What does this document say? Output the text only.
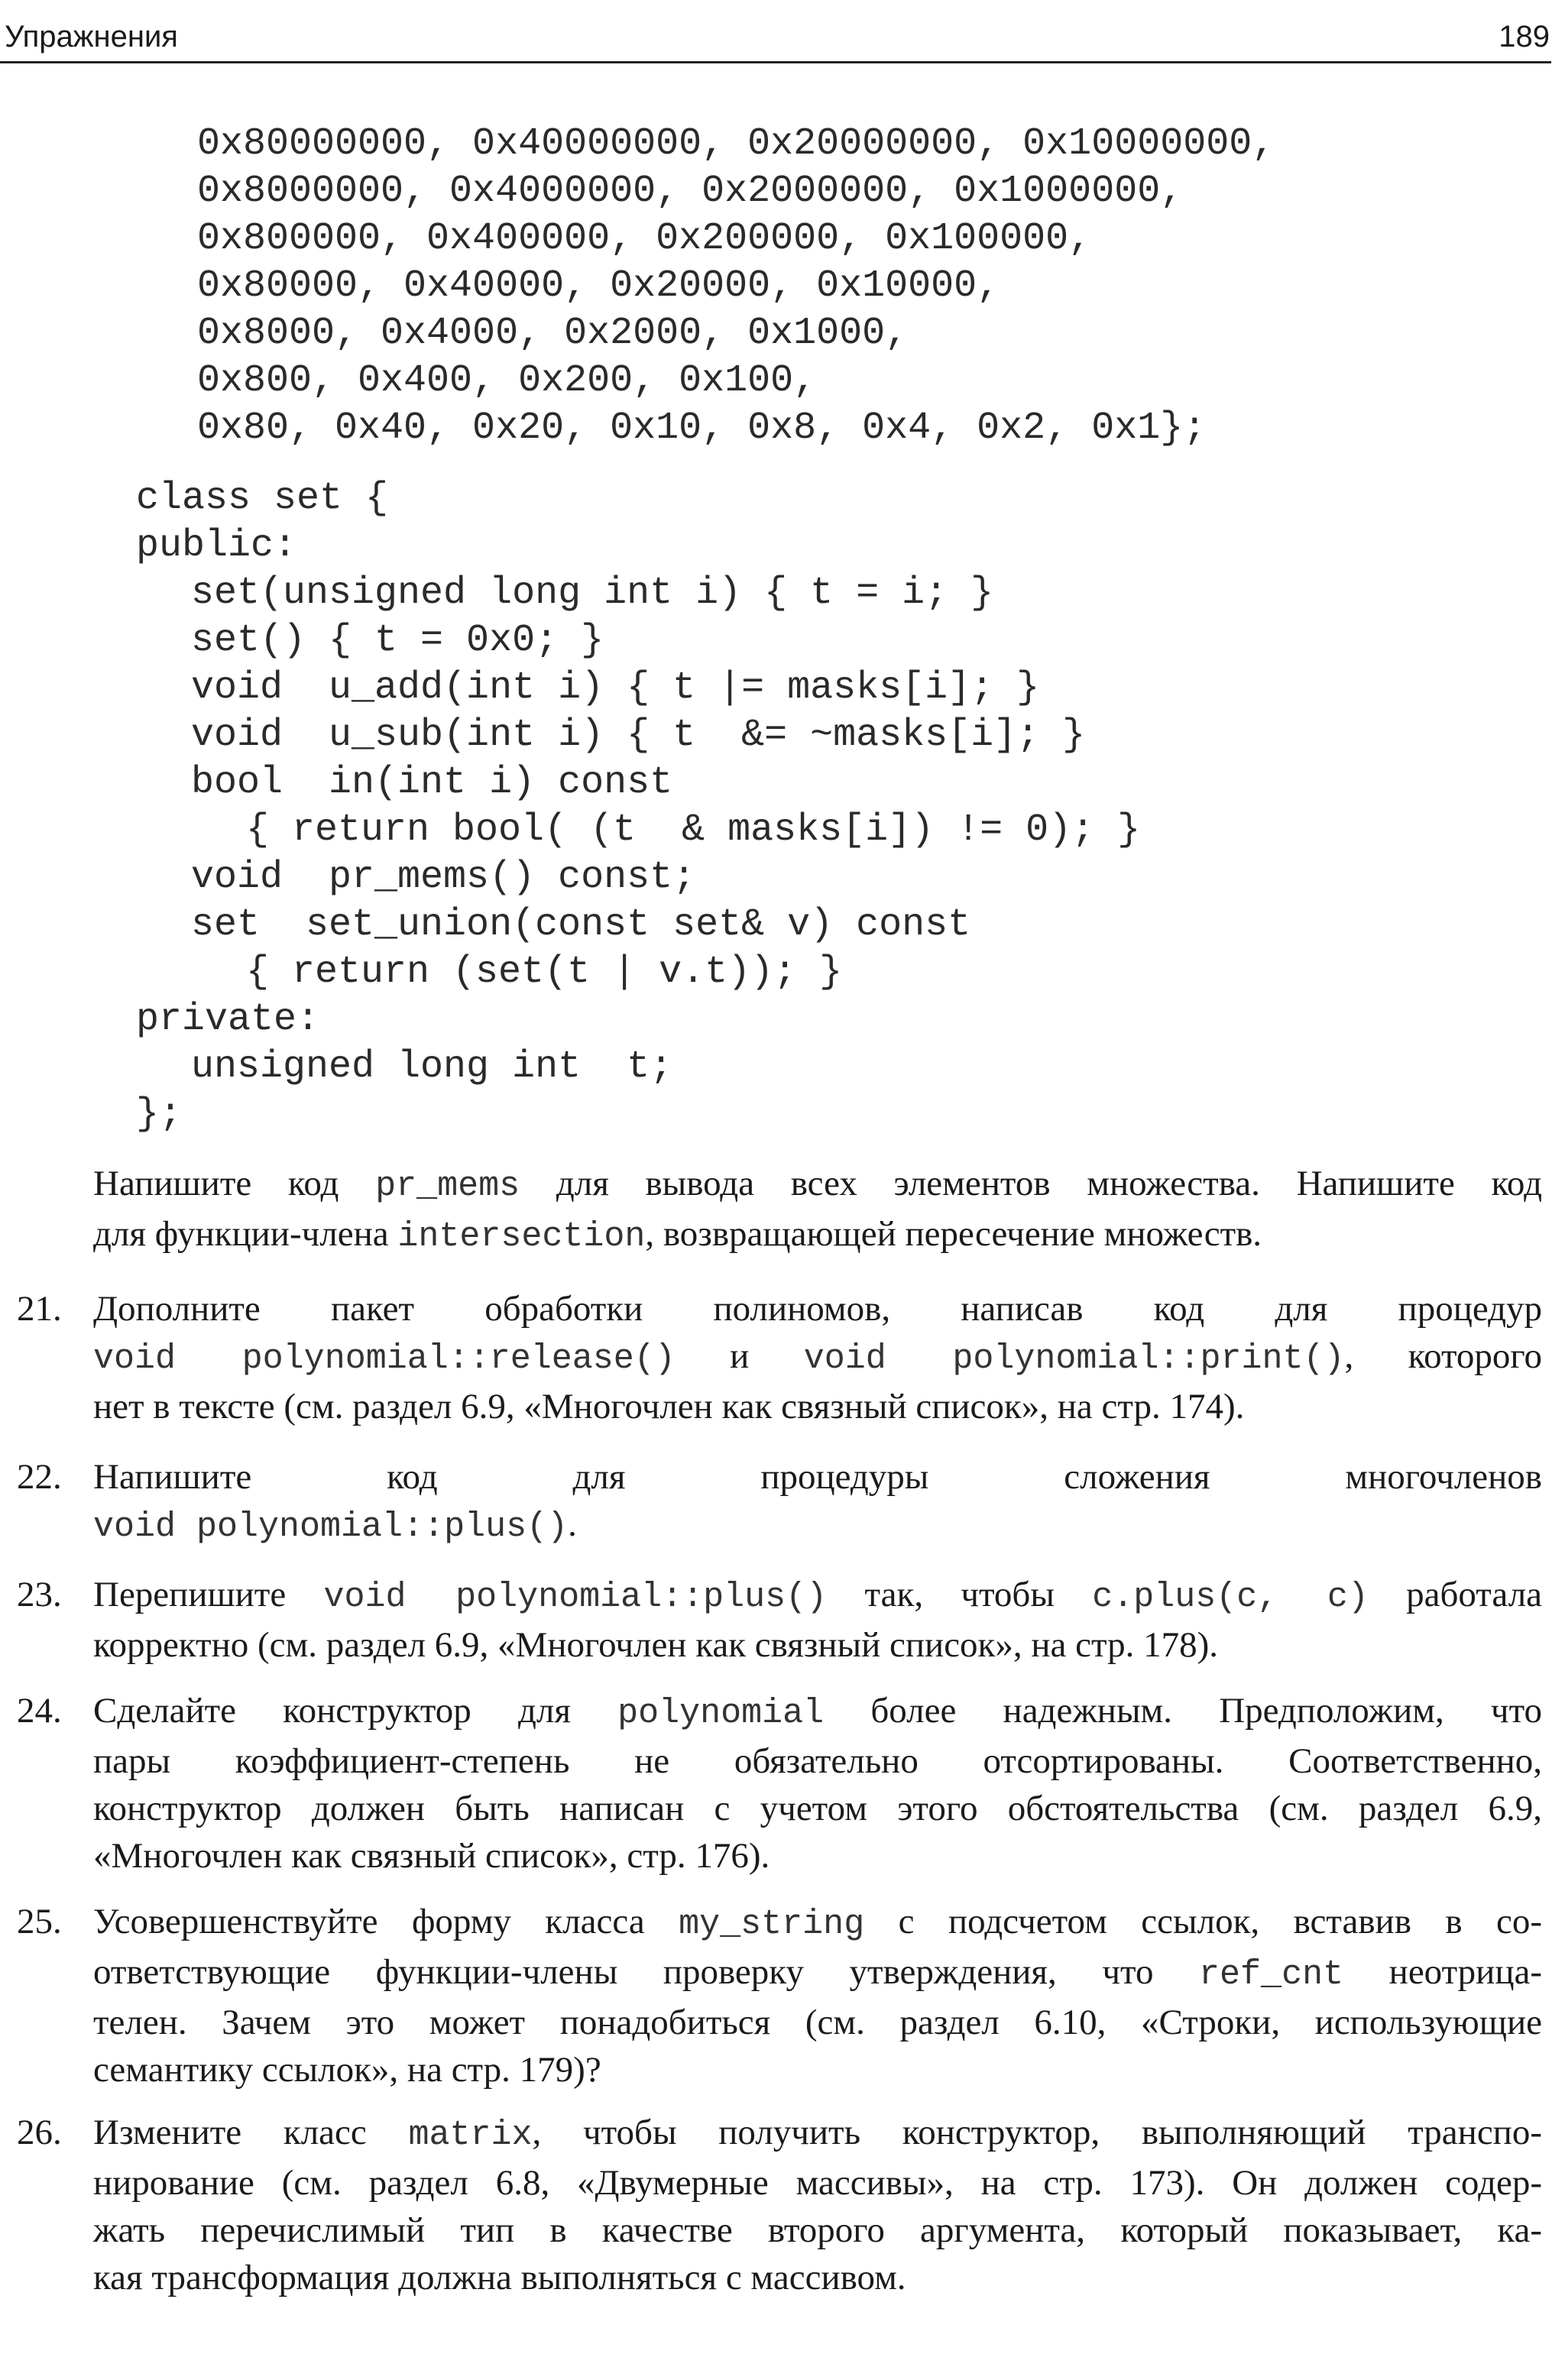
Упражнения	189

0x80000000, 0x40000000, 0x20000000, 0x10000000,

0x8000000, 0x4000000, 0x2000000, 0x1000000,

0x800000, 0x400000, 0x200000, 0x100000,

0x80000, 0x40000, 0x20000, 0x10000,

0x8000, 0x4000, 0x2000, 0x1000,

0x800, 0x400, 0x200, 0x100,

0x80, 0x40, 0x20, 0x10, 0x8, 0x4, 0x2, 0x1};

class set {

public:

set(unsigned long int i) { t = i; }

set() { t = 0x0; }

void  u_add(int i) { t |= masks[i]; }

void  u_sub(int i) { t  &= ~masks[i]; }

bool  in(int i) const

{ return bool( (t  & masks[i]) != 0); }

void  pr_mems() const;

set  set_union(const set& v) const

{ return (set(t | v.t)); }

private:

unsigned long int  t;

};

Напишите код pr_mems для вывода всех элементов множества. Напишите код
для функции-члена intersection, возвращающей пересечение множеств.
21. Дополните пакет обработки полиномов, написав код для процедур
void polynomial::release() и void polynomial::print(), которого
нет в тексте (см. раздел 6.9, «Многочлен как связный список», на стр. 174).
22. Напишите код для процедуры сложения многочленов
void polynomial::plus().
23. Перепишите void polynomial::plus() так, чтобы c.plus(c, c) работала
корректно (см. раздел 6.9, «Многочлен как связный список», на стр. 178).
24. Сделайте конструктор для polynomial более надежным. Предположим, что
пары коэффициент-степень не обязательно отсортированы. Соответственно,
конструктор должен быть написан с учетом этого обстоятельства (см. раздел 6.9,
«Многочлен как связный список», стр. 176).
25. Усовершенствуйте форму класса my_string с подсчетом ссылок, вставив в со-
ответствующие функции-члены проверку утверждения, что ref_cnt неотрица-
телен. Зачем это может понадобиться (см. раздел 6.10, «Строки, использующие
семантику ссылок», на стр. 179)?
26. Измените класс matrix, чтобы получить конструктор, выполняющий транспо-
нирование (см. раздел 6.8, «Двумерные массивы», на стр. 173). Он должен содер-
жать перечислимый тип в качестве второго аргумента, который показывает, ка-
кая трансформация должна выполняться с массивом.
